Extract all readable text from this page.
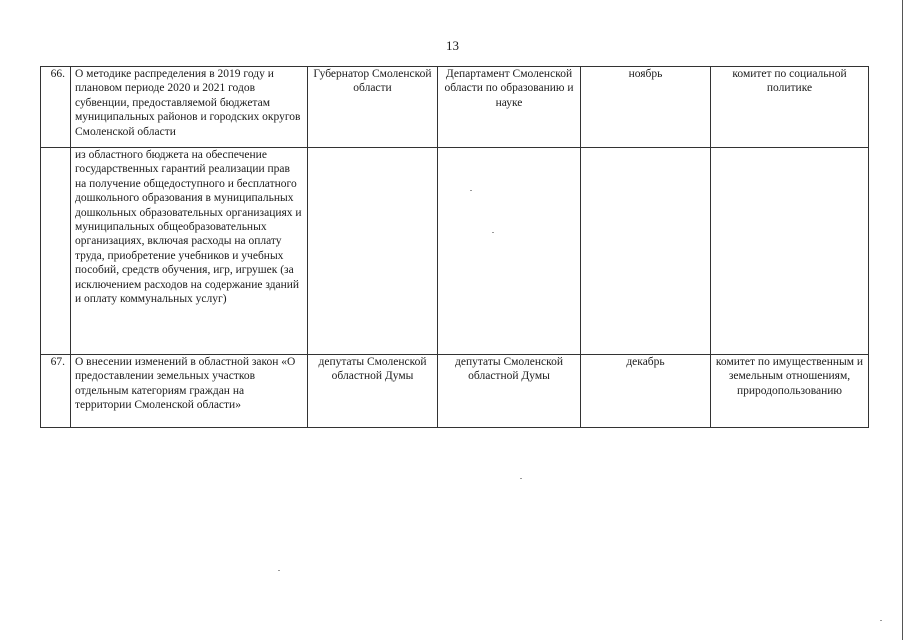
13
66.	О методике распределения в 2019 году и плановом периоде 2020 и 2021 годов субвенции, предоставляемой бюджетам муниципальных районов и городских округов Смоленской области	Губернатор Смоленской области	Департамент Смоленской области по образованию и науке	ноябрь	комитет по социальной политике
	из областного бюджета на обеспечение государственных гарантий реализации прав на получение общедоступного и бесплатного дошкольного образования в муниципальных дошкольных образовательных организациях и муниципальных общеобразовательных организациях, включая расходы на оплату труда, приобретение учебников и учебных пособий, средств обучения, игр, игрушек (за исключением расходов на содержание зданий и оплату коммунальных услуг)				
67.	О внесении изменений в областной закон «О предоставлении земельных участков отдельным категориям граждан на территории Смоленской области»	депутаты Смоленской областной Думы	депутаты Смоленской областной Думы	декабрь	комитет по имущественным и земельным отношениям, природопользованию
